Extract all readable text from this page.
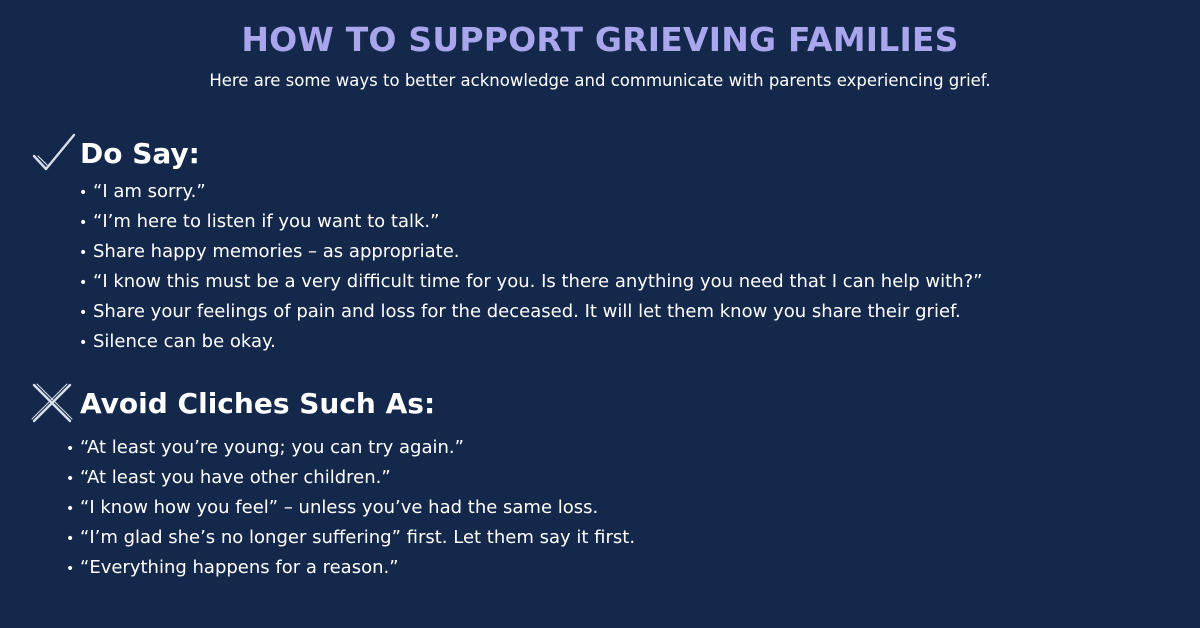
HOW TO SUPPORT GRIEVING FAMILIES
Here are some ways to better acknowledge and communicate with parents experiencing grief.
Do Say:
• “I am sorry.”
• “I’m here to listen if you want to talk.”
• Share happy memories – as appropriate.
• “I know this must be a very difficult time for you. Is there anything you need that I can help with?”
• Share your feelings of pain and loss for the deceased. It will let them know you share their grief.
• Silence can be okay.
Avoid Cliches Such As:
• “At least you’re young; you can try again.”
• “At least you have other children.”
• “I know how you feel” – unless you’ve had the same loss.
• “I’m glad she’s no longer suffering” first. Let them say it first.
• “Everything happens for a reason.”
